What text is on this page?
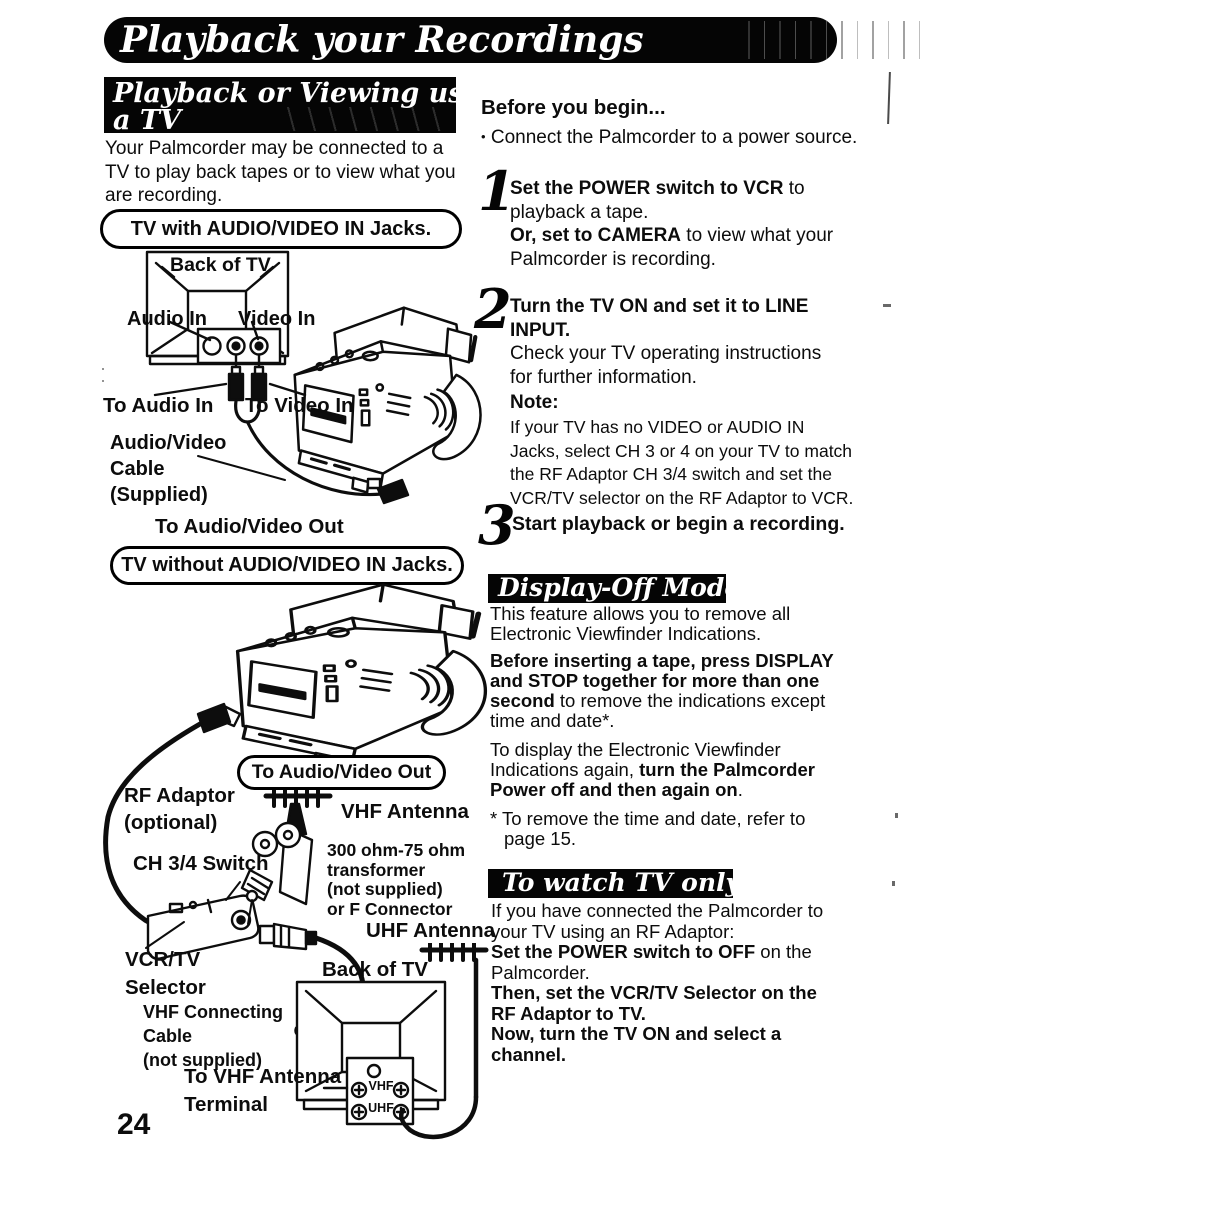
Playback your Recordings
Playback or Viewing using
a TV
Your Palmcorder may be connected to a
TV to play back tapes or to view what you
are recording.
TV with AUDIO/VIDEO IN Jacks.
Back of TV
Audio In Video In
To Audio In To Video In
Audio/Video
Cable
(Supplied)
To Audio/Video Out
TV without AUDIO/VIDEO IN Jacks.
To Audio/Video Out
RF Adaptor
(optional)	VHF Antenna
300 ohm-75 ohm
transformer
(not supplied)
or F Connector
CH 3/4 Switch
UHF Antenna
VCR/TV
Selector
Back of TV
VHF Connecting
Cable
(not supplied)
To VHF Antenna
Terminal
VHF
UHF
24
Before you begin...
• Connect the Palmcorder to a power source.
1
Set the POWER switch to VCR to
playback a tape.
Or, set to CAMERA to view what your
Palmcorder is recording.
2
Turn the TV ON and set it to LINE
INPUT.
Check your TV operating instructions
for further information.
Note:
If your TV has no VIDEO or AUDIO IN
Jacks, select CH 3 or 4 on your TV to match
the RF Adaptor CH 3/4 switch and set the
VCR/TV selector on the RF Adaptor to VCR.
3
Start playback or begin a recording.
Display-Off Mode
This feature allows you to remove all
Electronic Viewfinder Indications.
Before inserting a tape, press DISPLAY
and STOP together for more than one
second to remove the indications except
time and date*.
To display the Electronic Viewfinder
Indications again, turn the Palmcorder
Power off and then again on.
* To remove the time and date, refer to
page 15.
To watch TV only
If you have connected the Palmcorder to
your TV using an RF Adaptor:
Set the POWER switch to OFF on the
Palmcorder.
Then, set the VCR/TV Selector on the
RF Adaptor to TV.
Now, turn the TV ON and select a
channel.
